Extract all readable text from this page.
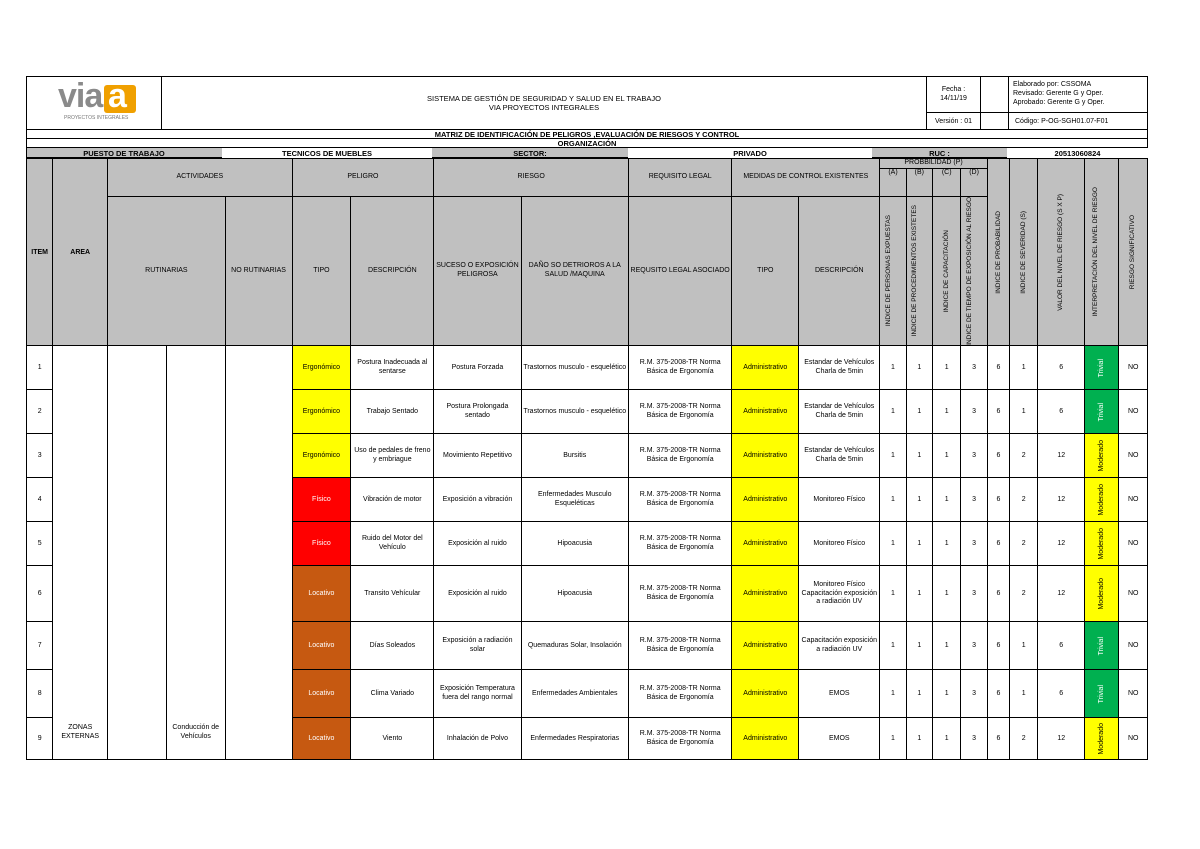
via a
PROYECTOS INTEGRALES
SISTEMA DE GESTIÓN DE SEGURIDAD Y SALUD EN EL TRABAJO
VIA PROYECTOS INTEGRALES
Fecha :
14/11/19
Versión : 01
Elaborado por: CSSOMA
Revisado: Gerente G y Oper.
Aprobado: Gerente G y Oper.
Código: P-OG-SGH01.07-F01
MATRIZ DE IDENTIFICACIÓN DE PELIGROS ,EVALUACIÓN DE RIESGOS Y CONTROL
ORGANIZACIÓN
PUESTO DE TRABAJO	TECNICOS DE MUEBLES	SECTOR:	PRIVADO	RUC :	20513060824
ITEM	AREA	ACTIVIDADES			PELIGRO		RIESGO		REQUISITO LEGAL	MEDIDAS DE CONTROL EXISTENTES		PROBBILIDAD (P)				INDICE DE PROBABILIDAD	INDICE DE SEVERIDAD (S)	VALOR DEL NIVEL DE RIESGO (S X P)	INTERPRETACIÓN DEL NIVEL DE RIESGO	RIESGO SIGNIFICATIVO

												(A)	(B)	(C)	(D)					
		RUTINARIAS		NO RUTINARIAS	TIPO	DESCRIPCIÓN	SUCESO O EXPOSICIÓN PELIGROSA	DAÑO SO DETRIOROS A LA SALUD /MAQUINA	REQUSITO LEGAL ASOCIADO	TIPO	DESCRIPCIÓN	INDICE DE PERSONAS EXPUESTAS	INDICE DE PROCEDIMIENTOS EXISTETES	INDICE DE CAPACITACIÓN	INDICE DE TIEMPO DE EXPOSICIÓN AL RIESGO					

1	ZONAS EXTERNAS		Conducción de Vehículos		Ergonómico	Postura Inadecuada al sentarse	Postura Forzada	Trastornos musculo - esquelético	R.M. 375-2008-TR Norma Básica de Ergonomía	Administrativo	Estandar de Vehículos Charla de 5min	1	1	1	3	6	1	6	Trivial	NO
2					Ergonómico	Trabajo Sentado	Postura Prolongada sentado	Trastornos musculo - esquelético	R.M. 375-2008-TR Norma Básica de Ergonomía	Administrativo	Estandar de Vehículos Charla de 5min	1	1	1	3	6	1	6	Trivial	NO
3					Ergonómico	Uso de pedales de freno y embriague	Movimiento Repetitivo	Bursitis	R.M. 375-2008-TR Norma Básica de Ergonomía	Administrativo	Estandar de Vehículos Charla de 5min	1	1	1	3	6	2	12	Moderado	NO
4					Físico	Vibración de motor	Exposición a vibración	Enfermedades Musculo Esqueléticas	R.M. 375-2008-TR Norma Básica de Ergonomía	Administrativo	Monitoreo Físico	1	1	1	3	6	2	12	Moderado	NO
5					Físico	Ruido del Motor del Vehículo	Exposición al ruido	Hipoacusia	R.M. 375-2008-TR Norma Básica de Ergonomía	Administrativo	Monitoreo Físico	1	1	1	3	6	2	12	Moderado	NO
6					Locativo	Transito Vehícular	Exposición al ruido	Hipoacusia	R.M. 375-2008-TR Norma Básica de Ergonomía	Administrativo	Monitoreo Físico Capacitación exposición a radiación UV	1	1	1	3	6	2	12	Moderado	NO
7					Locativo	Días Soleados	Exposición a radiación solar	Quemaduras Solar, Insolación	R.M. 375-2008-TR Norma Básica de Ergonomía	Administrativo	Capacitación exposición a radiación UV	1	1	1	3	6	1	6	Trivial	NO
8					Locativo	Clima Variado	Exposición Temperatura fuera del rango normal	Enfermedades Ambientales	R.M. 375-2008-TR Norma Básica de Ergonomía	Administrativo	EMOS	1	1	1	3	6	1	6	Trivial	NO
9					Locativo	Viento	Inhalación de Polvo	Enfermedades Respiratorias	R.M. 375-2008-TR Norma Básica de Ergonomía	Administrativo	EMOS	1	1	1	3	6	2	12	Moderado	NO
